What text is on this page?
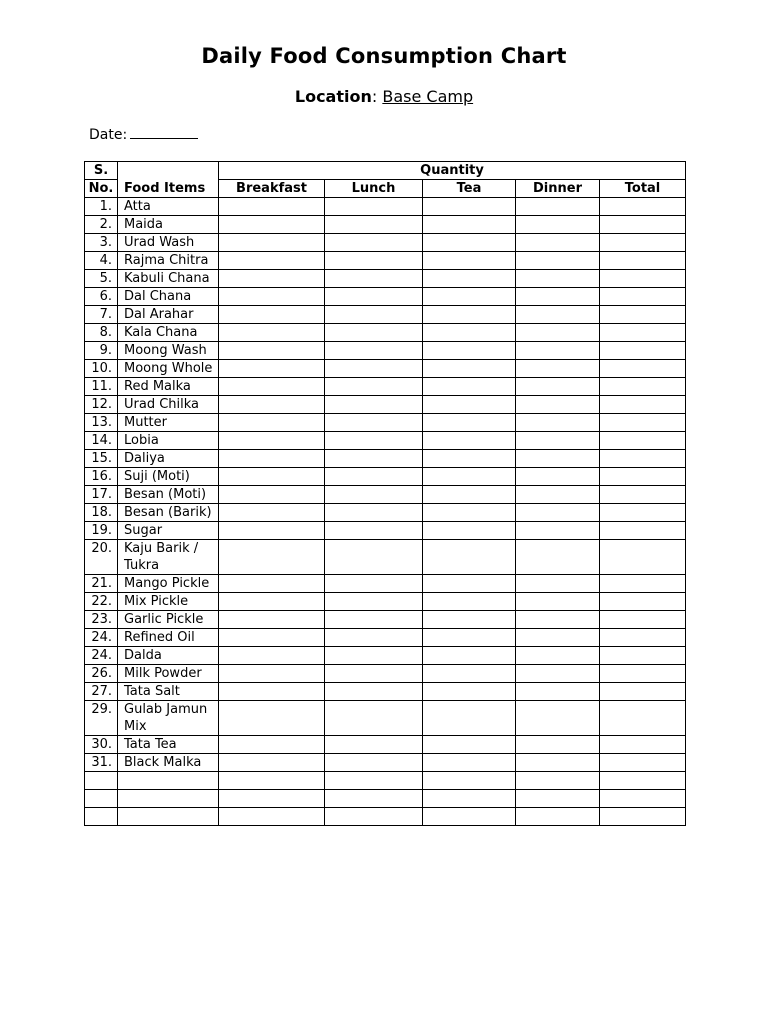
Daily Food Consumption Chart
Location: Base Camp
Date:
S.		Quantity				
No.	Food Items	Breakfast	Lunch	Tea	Dinner	Total
1.	Atta					
2.	Maida					
3.	Urad Wash					
4.	Rajma Chitra					
5.	Kabuli Chana					
6.	Dal Chana					
7.	Dal Arahar					
8.	Kala Chana					
9.	Moong Wash					
10.	Moong Whole					
11.	Red Malka					
12.	Urad Chilka					
13.	Mutter					
14.	Lobia					
15.	Daliya					
16.	Suji (Moti)					
17.	Besan (Moti)					
18.	Besan (Barik)					
19.	Sugar					
20.	Kaju Barik / Tukra					
21.	Mango Pickle					
22.	Mix Pickle					
23.	Garlic Pickle					
24.	Refined Oil					
24.	Dalda					
26.	Milk Powder					
27.	Tata Salt					
29.	Gulab Jamun Mix					
30.	Tata Tea					
31.	Black Malka					
